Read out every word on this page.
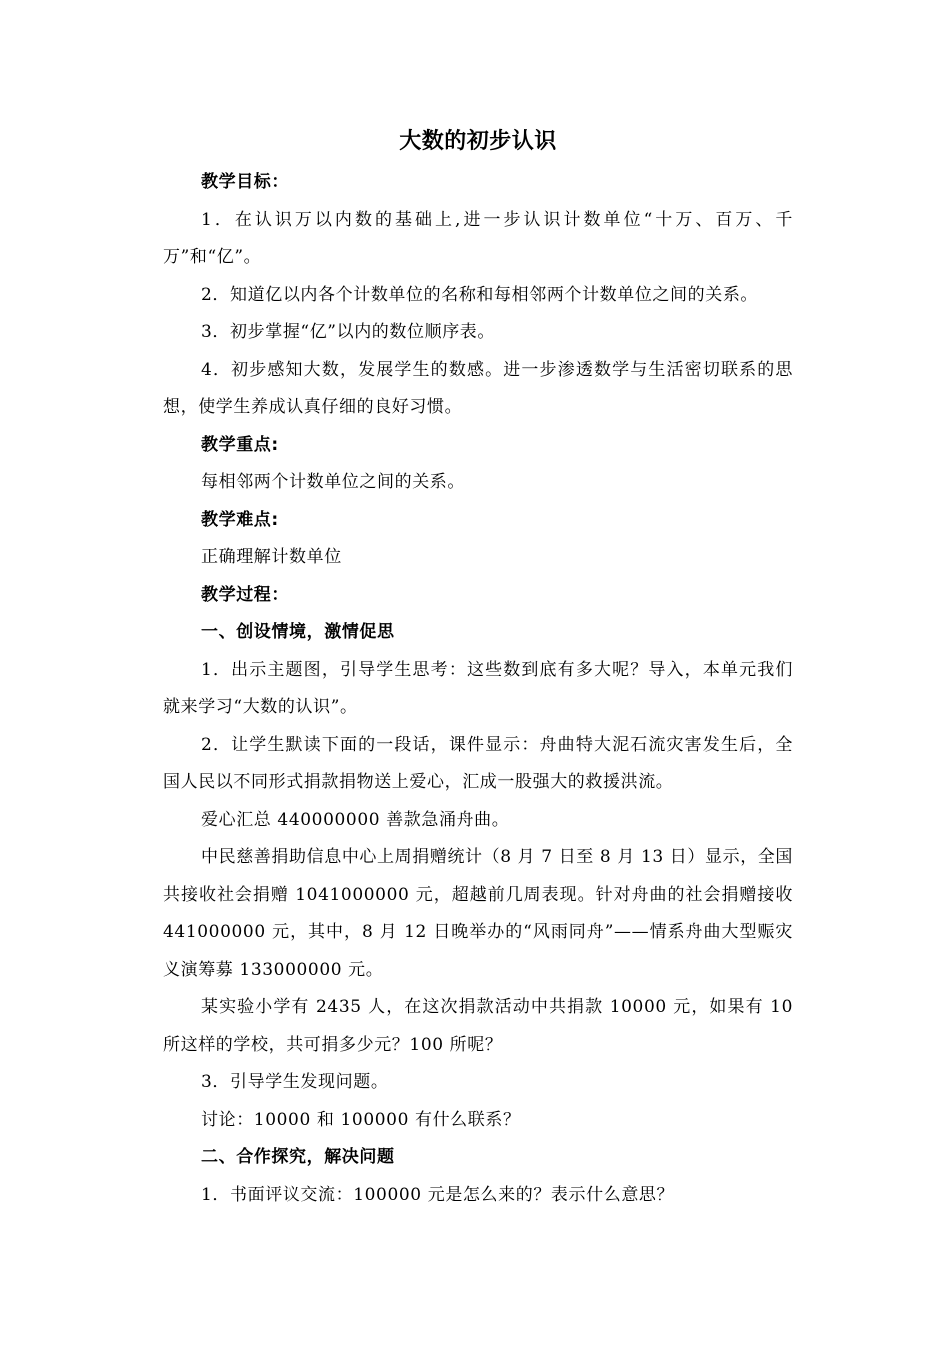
大数的初步认识
教学目标：
1．在认识万以内数的基础上,进一步认识计数单位“十万、百万、千万”和“亿”。
2．知道亿以内各个计数单位的名称和每相邻两个计数单位之间的关系。
3．初步掌握“亿”以内的数位顺序表。
4．初步感知大数，发展学生的数感。进一步渗透数学与生活密切联系的思想，使学生养成认真仔细的良好习惯。
教学重点:
每相邻两个计数单位之间的关系。
教学难点:
正确理解计数单位
教学过程：
一、创设情境，激情促思
1．出示主题图，引导学生思考：这些数到底有多大呢？导入，本单元我们就来学习“大数的认识”。
2．让学生默读下面的一段话，课件显示：舟曲特大泥石流灾害发生后，全国人民以不同形式捐款捐物送上爱心，汇成一股强大的救援洪流。
爱心汇总 440000000 善款急涌舟曲。
中民慈善捐助信息中心上周捐赠统计（8 月 7 日至 8 月 13 日）显示，全国共接收社会捐赠 1041000000 元，超越前几周表现。针对舟曲的社会捐赠接收 441000000 元，其中，8 月 12 日晚举办的“风雨同舟”——情系舟曲大型赈灾义演筹募 133000000 元。
某实验小学有 2435 人，在这次捐款活动中共捐款 10000 元，如果有 10 所这样的学校，共可捐多少元？100 所呢？
3．引导学生发现问题。
讨论：10000 和 100000 有什么联系？
二、合作探究，解决问题
1．书面评议交流：100000 元是怎么来的？表示什么意思？
